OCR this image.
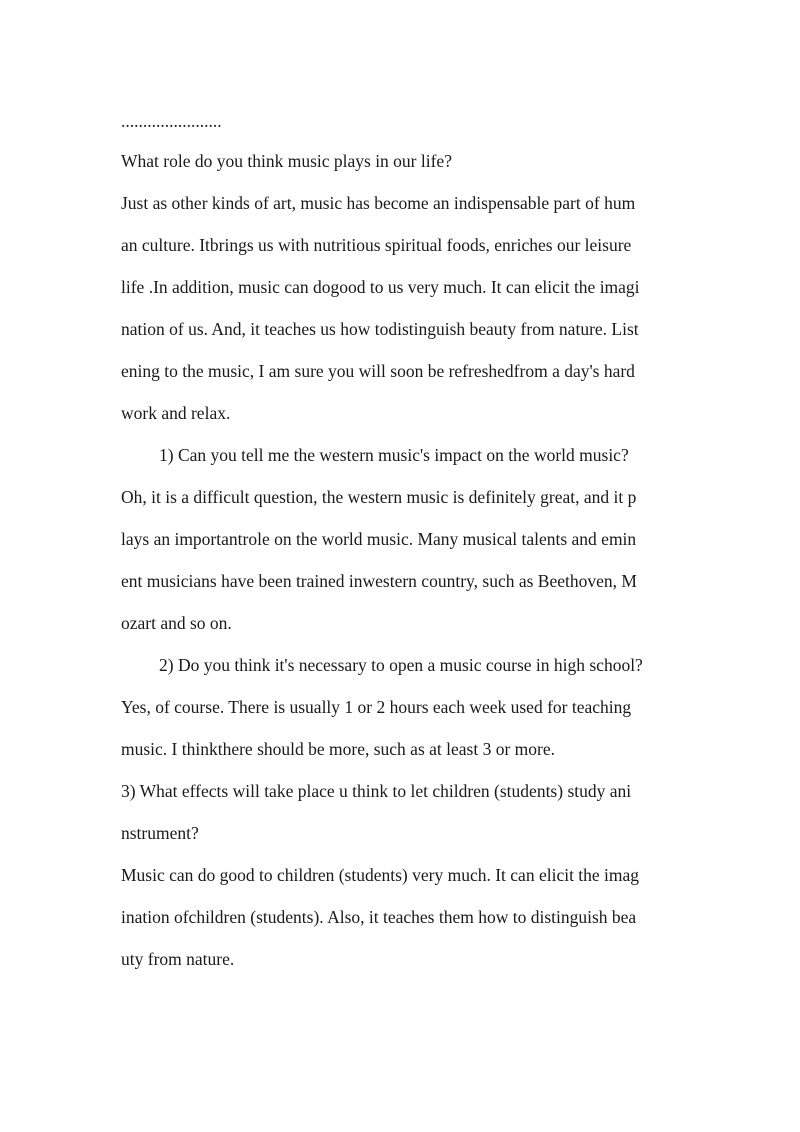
.......................
What role do you think music plays in our life?
Just as other kinds of art, music has become an indispensable part of hum
an culture. Itbrings us with nutritious spiritual foods, enriches our leisure
life .In addition, music can dogood to us very much. It can elicit the imagi
nation of us. And, it teaches us how todistinguish beauty from nature. List
ening to the music, I am sure you will soon be refreshedfrom a day's hard
work and relax.
1) Can you tell me the western music's impact on the world music?
Oh, it is a difficult question, the western music is definitely great, and it p
lays an importantrole on the world music. Many musical talents and emin
ent musicians have been trained inwestern country, such as Beethoven, M
ozart and so on.
2) Do you think it's necessary to open a music course in high school?
Yes, of course. There is usually 1 or 2 hours each week used for teaching
music. I thinkthere should be more, such as at least 3 or more.
3) What effects will take place u think to let children (students) study ani
nstrument?
Music can do good to children (students) very much. It can elicit the imag
ination ofchildren (students). Also, it teaches them how to distinguish bea
uty from nature.
